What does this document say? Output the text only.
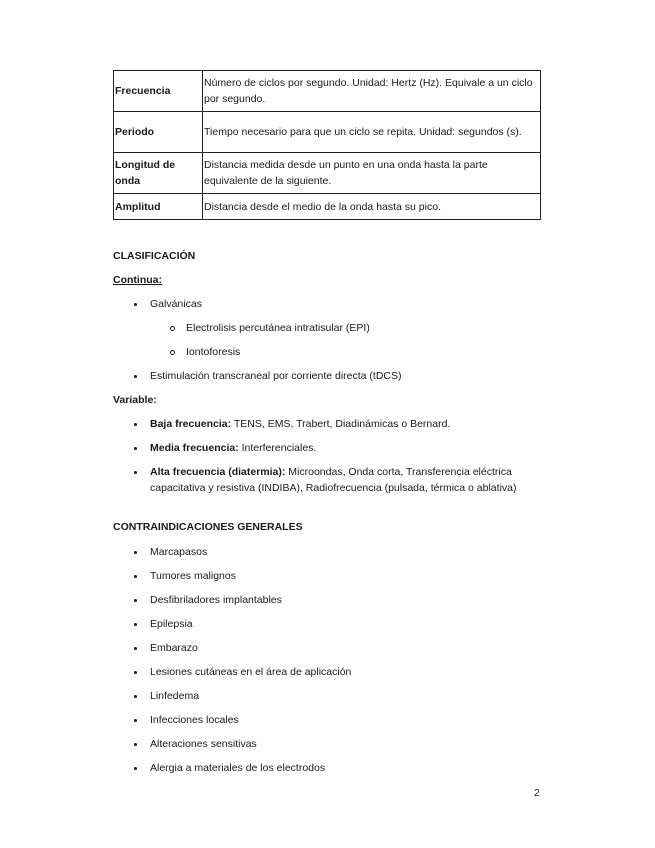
Frecuencia	Número de ciclos por segundo. Unidad: Hertz (Hz). Equivale a un ciclo por segundo.
Periodo	Tiempo necesario para que un ciclo se repita. Unidad: segundos (s).
Longitud de onda	Distancia medida desde un punto en una onda hasta la parte equivalente de la siguiente.
Amplitud	Distancia desde el medio de la onda hasta su pico.
CLASIFICACIÓN
Continua:
Galvánicas
Electrolisis percutánea intratisular (EPI)
Iontoforesis
Estimulación transcraneal por corriente directa (tDCS)
Variable:
Baja frecuencia: TENS, EMS, Trabert, Diadinámicas o Bernard.
Media frecuencia: Interferenciales.
Alta frecuencia (diatermia): Microondas, Onda corta, Transferencia eléctrica capacitativa y resistiva (INDIBA), Radiofrecuencia (pulsada, térmica o ablativa)
CONTRAINDICACIONES GENERALES
Marcapasos
Tumores malignos
Desfibriladores implantables
Epilepsia
Embarazo
Lesiones cutáneas en el área de aplicación
Linfedema
Infecciones locales
Alteraciones sensitivas
Alergia a materiales de los electrodos
2
